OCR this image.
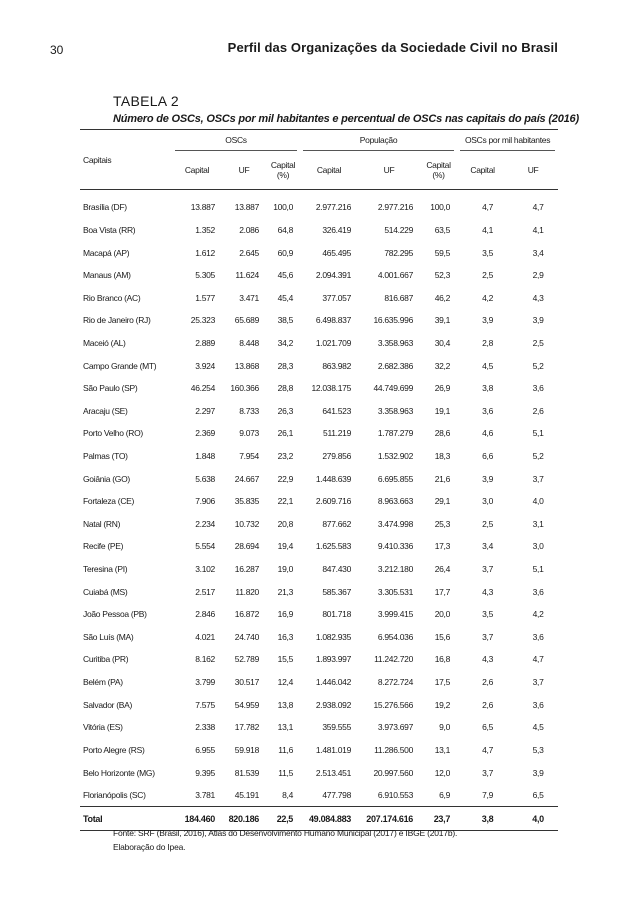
30	Perfil das Organizações da Sociedade Civil no Brasil
TABELA 2
Número de OSCs, OSCs por mil habitantes e percentual de OSCs nas capitais do país (2016)
Capitais	OSCs			População			OSCs por mil habitantes	

	Capital	UF	Capital (%)	Capital	UF	Capital (%)	Capital	UF
Brasília (DF)	13.887	13.887	100,0	2.977.216	2.977.216	100,0	4,7	4,7
Boa Vista (RR)	1.352	2.086	64,8	326.419	514.229	63,5	4,1	4,1
Macapá (AP)	1.612	2.645	60,9	465.495	782.295	59,5	3,5	3,4
Manaus (AM)	5.305	11.624	45,6	2.094.391	4.001.667	52,3	2,5	2,9
Rio Branco (AC)	1.577	3.471	45,4	377.057	816.687	46,2	4,2	4,3
Rio de Janeiro (RJ)	25.323	65.689	38,5	6.498.837	16.635.996	39,1	3,9	3,9
Maceió (AL)	2.889	8.448	34,2	1.021.709	3.358.963	30,4	2,8	2,5
Campo Grande (MT)	3.924	13.868	28,3	863.982	2.682.386	32,2	4,5	5,2
São Paulo (SP)	46.254	160.366	28,8	12.038.175	44.749.699	26,9	3,8	3,6
Aracaju (SE)	2.297	8.733	26,3	641.523	3.358.963	19,1	3,6	2,6
Porto Velho (RO)	2.369	9.073	26,1	511.219	1.787.279	28,6	4,6	5,1
Palmas (TO)	1.848	7.954	23,2	279.856	1.532.902	18,3	6,6	5,2
Goiânia (GO)	5.638	24.667	22,9	1.448.639	6.695.855	21,6	3,9	3,7
Fortaleza (CE)	7.906	35.835	22,1	2.609.716	8.963.663	29,1	3,0	4,0
Natal (RN)	2.234	10.732	20,8	877.662	3.474.998	25,3	2,5	3,1
Recife (PE)	5.554	28.694	19,4	1.625.583	9.410.336	17,3	3,4	3,0
Teresina (PI)	3.102	16.287	19,0	847.430	3.212.180	26,4	3,7	5,1
Cuiabá (MS)	2.517	11.820	21,3	585.367	3.305.531	17,7	4,3	3,6
João Pessoa (PB)	2.846	16.872	16,9	801.718	3.999.415	20,0	3,5	4,2
São Luís (MA)	4.021	24.740	16,3	1.082.935	6.954.036	15,6	3,7	3,6
Curitiba (PR)	8.162	52.789	15,5	1.893.997	11.242.720	16,8	4,3	4,7
Belém (PA)	3.799	30.517	12,4	1.446.042	8.272.724	17,5	2,6	3,7
Salvador (BA)	7.575	54.959	13,8	2.938.092	15.276.566	19,2	2,6	3,6
Vitória (ES)	2.338	17.782	13,1	359.555	3.973.697	9,0	6,5	4,5
Porto Alegre (RS)	6.955	59.918	11,6	1.481.019	11.286.500	13,1	4,7	5,3
Belo Horizonte (MG)	9.395	81.539	11,5	2.513.451	20.997.560	12,0	3,7	3,9
Florianópolis (SC)	3.781	45.191	8,4	477.798	6.910.553	6,9	7,9	6,5
Total	184.460	820.186	22,5	49.084.883	207.174.616	23,7	3,8	4,0
Fonte: SRF (Brasil, 2016), Atlas do Desenvolvimento Humano Municipal (2017) e IBGE (2017b).
Elaboração do Ipea.
